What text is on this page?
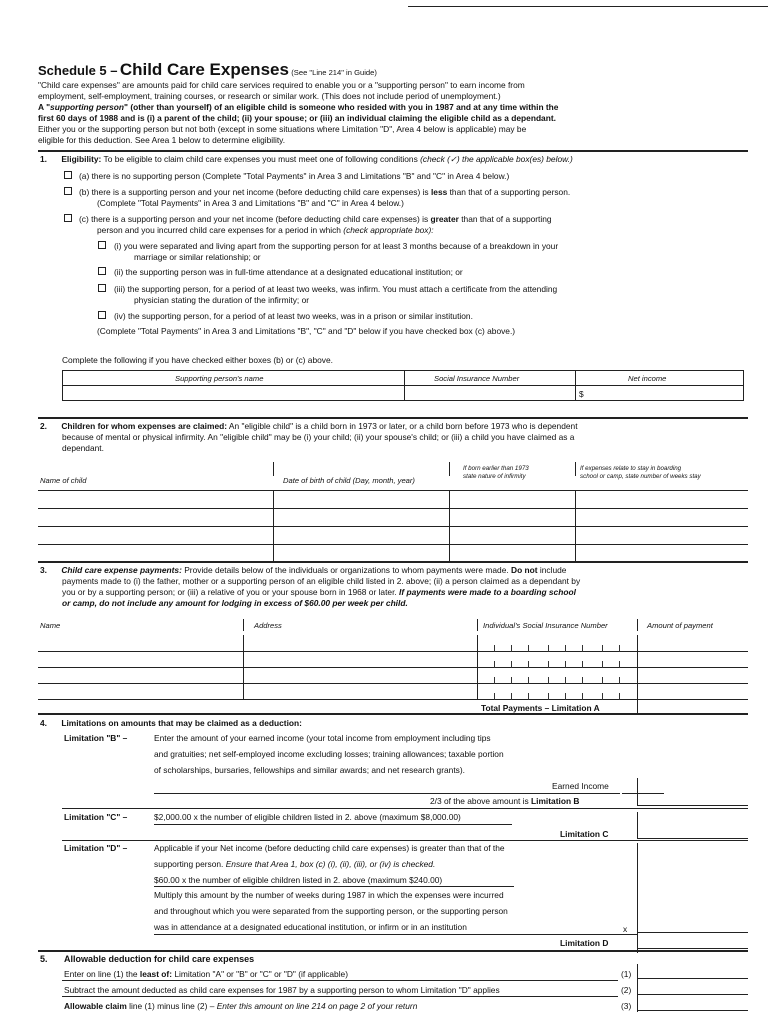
Schedule 5 – Child Care Expenses (See "Line 214" in Guide)
"Child care expenses" are amounts paid for child care services required to enable you or a "supporting person" to earn income from
employment, self-employment, training courses, or research or similar work. (This does not include period of unemployment.)
A "supporting person" (other than yourself) of an eligible child is someone who resided with you in 1987 and at any time within the
first 60 days of 1988 and is (i) a parent of the child; (ii) your spouse; or (iii) an individual claiming the eligible child as a dependant.
Either you or the supporting person but not both (except in some situations where Limitation "D", Area 4 below is applicable) may be
eligible for this deduction. See Area 1 below to determine eligibility.
1. Eligibility: To be eligible to claim child care expenses you must meet one of following conditions (check (✓) the applicable box(es) below.)
(a) there is no supporting person (Complete "Total Payments" in Area 3 and Limitations "B" and "C" in Area 4 below.)
(b) there is a supporting person and your net income (before deducting child care expenses) is less than that of a supporting person.
(Complete "Total Payments" in Area 3 and Limitations "B" and "C" in Area 4 below.)
(c) there is a supporting person and your net income (before deducting child care expenses) is greater than that of a supporting
person and you incurred child care expenses for a period in which (check appropriate box):
(i) you were separated and living apart from the supporting person for at least 3 months because of a breakdown in your
marriage or similar relationship; or
(ii) the supporting person was in full-time attendance at a designated educational institution; or
(iii) the supporting person, for a period of at least two weeks, was infirm. You must attach a certificate from the attending
physician stating the duration of the infirmity; or
(iv) the supporting person, for a period of at least two weeks, was in a prison or similar institution.
(Complete "Total Payments" in Area 3 and Limitations "B", "C" and "D" below if you have checked box (c) above.)
Complete the following if you have checked either boxes (b) or (c) above.
Supporting person's name	Social Insurance Number	Net income
$
2. Children for whom expenses are claimed: An "eligible child" is a child born in 1973 or later, or a child born before 1973 who is dependent
because of mental or physical infirmity. An "eligible child" may be (i) your child; (ii) your spouse's child; or (iii) a child you have claimed as a
dependant.
Name of child	Date of birth of child (Day, month, year)
If born earlier than 1973
state nature of infirmity
If expenses relate to stay in boarding
school or camp, state number of weeks stay
3. Child care expense payments: Provide details below of the individuals or organizations to whom payments were made. Do not include
payments made to (i) the father, mother or a supporting person of an eligible child listed in 2. above; (ii) a person claimed as a dependant by
you or by a supporting person; or (iii) a relative of you or your spouse born in 1968 or later. If payments were made to a boarding school
or camp, do not include any amount for lodging in excess of $60.00 per week per child.
Name	Address	Individual's Social Insurance Number	Amount of payment
Total Payments – Limitation A
4. Limitations on amounts that may be claimed as a deduction:
Limitation "B" –	Enter the amount of your earned income (your total income from employment including tips
and gratuities; net self-employed income excluding losses; training allowances; taxable portion
of scholarships, bursaries, fellowships and similar awards; and net research grants).
Earned Income
2/3 of the above amount is Limitation B
Limitation "C" –	$2,000.00 x the number of eligible children listed in 2. above (maximum $8,000.00)
Limitation C
Limitation "D" –	Applicable if your Net income (before deducting child care expenses) is greater than that of the
supporting person. Ensure that Area 1, box (c) (i), (ii), (iii), or (iv) is checked.
$60.00 x the number of eligible children listed in 2. above (maximum $240.00)
Multiply this amount by the number of weeks during 1987 in which the expenses were incurred
and throughout which you were separated from the supporting person, or the supporting person
was in attendance at a designated educational institution, or infirm or in an institution	x
Limitation D
5. Allowable deduction for child care expenses
Enter on line (1) the least of: Limitation "A" or "B" or "C" or "D" (if applicable)	(1)
Subtract the amount deducted as child care expenses for 1987 by a supporting person to whom Limitation "D" applies	(2)
Allowable claim line (1) minus line (2) – Enter this amount on line 214 on page 2 of your return	(3)
